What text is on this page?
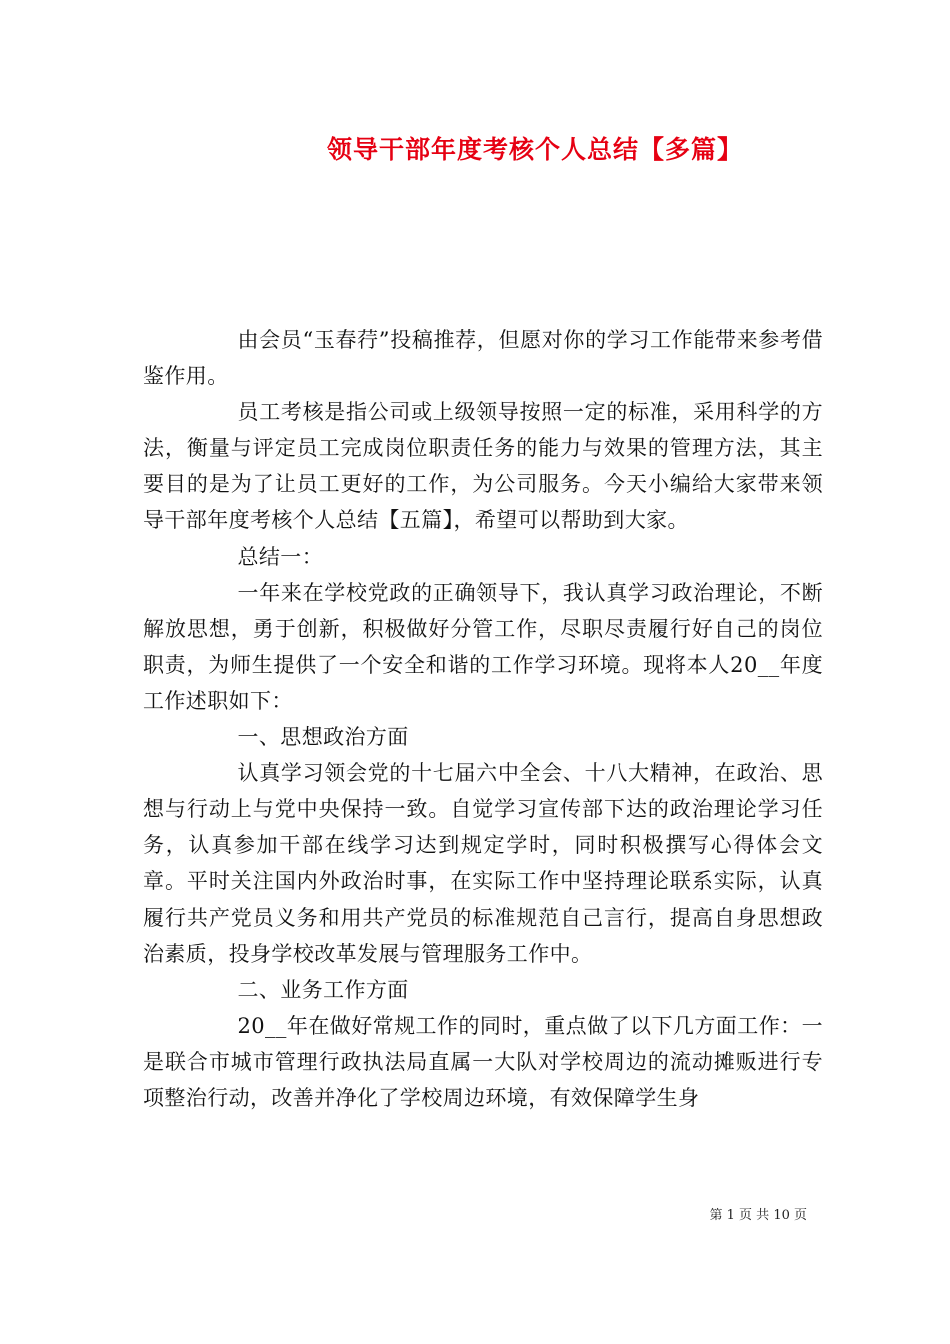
领导干部年度考核个人总结【多篇】

由会员“玉春荇”投稿推荐，但愿对你的学习工作能带来参考借鉴作用。

员工考核是指公司或上级领导按照一定的标准，采用科学的方法，衡量与评定员工完成岗位职责任务的能力与效果的管理方法，其主要目的是为了让员工更好的工作，为公司服务。今天小编给大家带来领导干部年度考核个人总结【五篇】，希望可以帮助到大家。

总结一：

一年来在学校党政的正确领导下，我认真学习政治理论，不断解放思想，勇于创新，积极做好分管工作，尽职尽责履行好自己的岗位职责，为师生提供了一个安全和谐的工作学习环境。现将本人20__年度工作述职如下：

一、思想政治方面

认真学习领会党的十七届六中全会、十八大精神，在政治、思想与行动上与党中央保持一致。自觉学习宣传部下达的政治理论学习任务，认真参加干部在线学习达到规定学时，同时积极撰写心得体会文章。平时关注国内外政治时事，在实际工作中坚持理论联系实际，认真履行共产党员义务和用共产党员的标准规范自己言行，提高自身思想政治素质，投身学校改革发展与管理服务工作中。

二、业务工作方面

20__年在做好常规工作的同时，重点做了以下几方面工作：一是联合市城市管理行政执法局直属一大队对学校周边的流动摊贩进行专项整治行动，改善并净化了学校周边环境，有效保障学生身

第 1 页 共 10 页
